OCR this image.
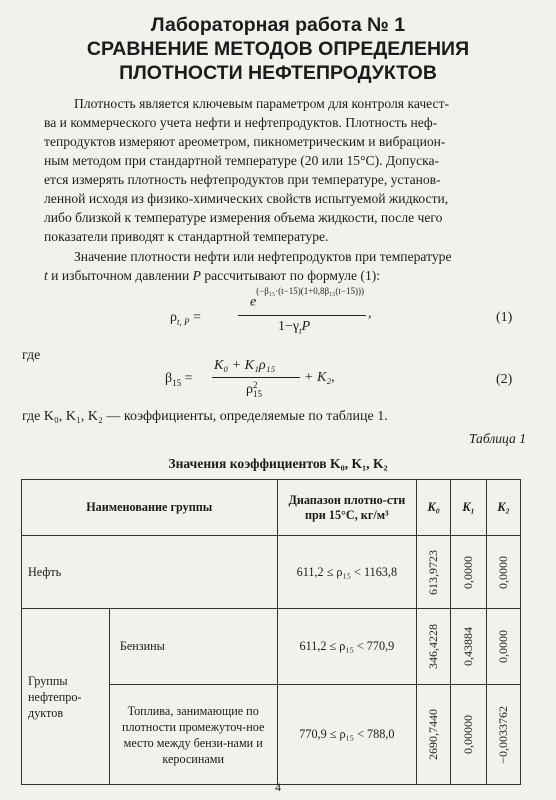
Лабораторная работа № 1
СРАВНЕНИЕ МЕТОДОВ ОПРЕДЕЛЕНИЯ
ПЛОТНОСТИ НЕФТЕПРОДУКТОВ
Плотность является ключевым параметром для контроля качест-
ва и коммерческого учета нефти и нефтепродуктов. Плотность неф-
тепродуктов измеряют ареометром, пикнометрическим и вибрацион-
ным методом при стандартной температуре (20 или 15°С). Допуска-
ется измерять плотность нефтепродуктов при температуре, установ-
ленной исходя из физико-химических свойств испытуемой жидкости,
либо близкой к температуре измерения объема жидкости, после чего
показатели приводят к стандартной температуре.
Значение плотности нефти или нефтепродуктов при температуре
t и избыточном давлении P рассчитывают по формуле (1):
$\rho_{t, P}$ =
$e^{(-\beta_{15}\cdot(t-15)(1+0,8\beta_{15}(t-15)))}$
$1-\gamma_tP$
,	(1)
где
$\beta_{15}$ =
K₀ + K₁ρ₁₅
ρ 2
15
+ K₂,	(2)
где K₀, K₁, K₂ — коэффициенты, определяемые по таблице 1.
Таблица 1
Значения коэффициентов K₀, K₁, K₂
Наименование группы		Диапазон плотно-сти при 15°С, кг/м³	K₀	K₁	K₂
Нефть		611,2 ≤ ρ₁₅ < 1163,8	613,9723	0,0000	0,0000

Группы нефтепро-дуктов	Бензины	611,2 ≤ ρ₁₅ < 770,9	346,4228	0,43884	0,0000

	Топлива, занимающие по плотности промежуточ-ное место между бензи-нами и керосинами	770,9 ≤ ρ₁₅ < 788,0	2690,7440	0,00000	−0,0033762
4
